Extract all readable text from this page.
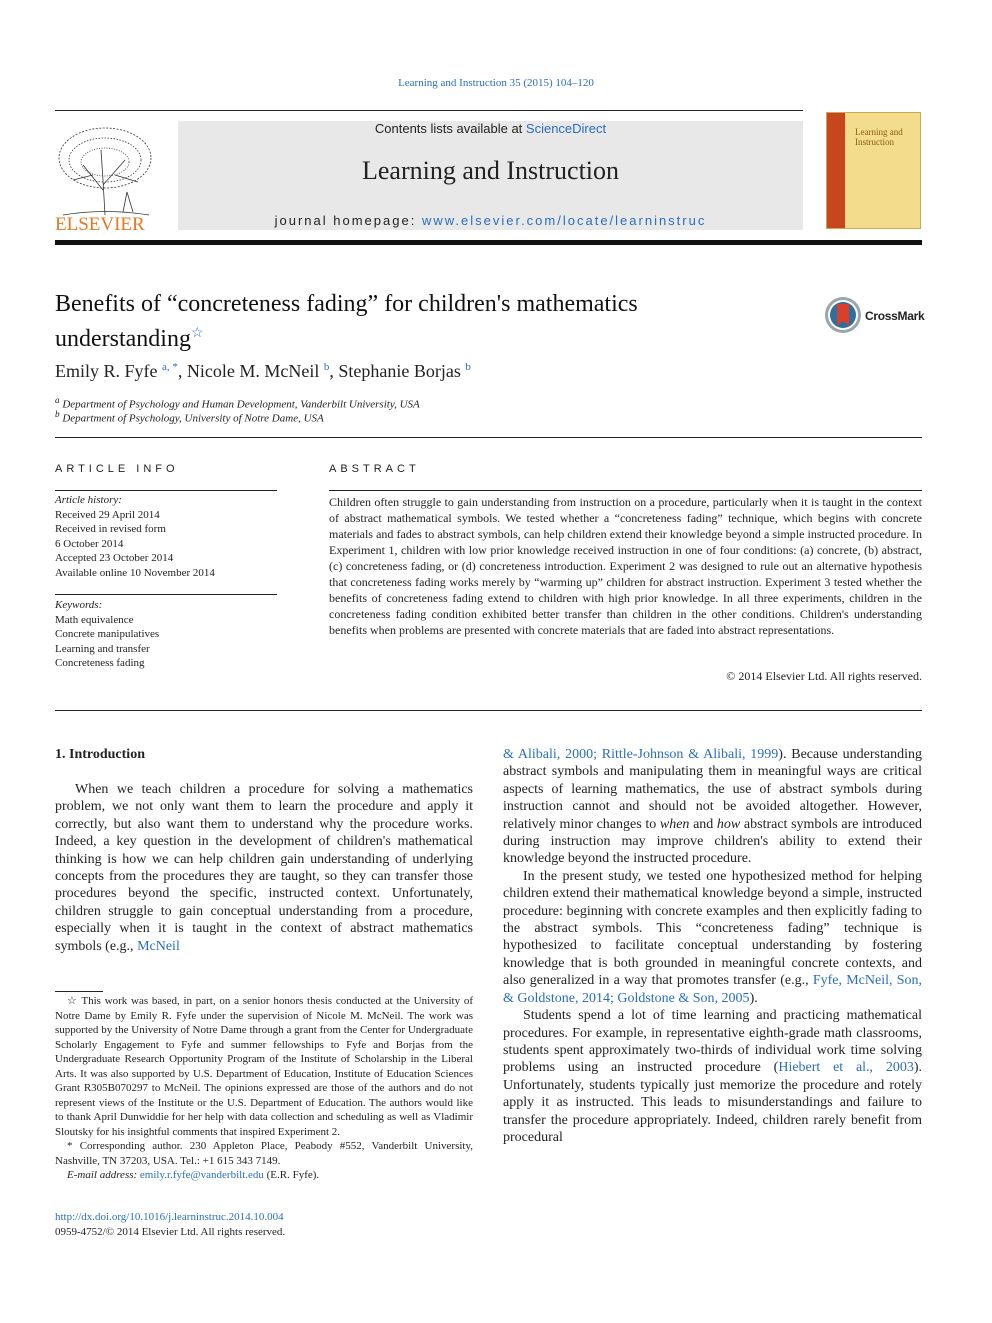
Learning and Instruction 35 (2015) 104–120
ELSEVIER
Contents lists available at ScienceDirect
Learning and Instruction
journal homepage: www.elsevier.com/locate/learninstruc
Learning and Instruction
Benefits of “concreteness fading” for children's mathematics understanding☆
CrossMark
Emily R. Fyfe $^{a, *}$, Nicole M. McNeil $^b$, Stephanie Borjas $^b$
$^a$ Department of Psychology and Human Development, Vanderbilt University, USA
$^b$ Department of Psychology, University of Notre Dame, USA
ARTICLE INFO
Article history:
Received 29 April 2014
Received in revised form
6 October 2014
Accepted 23 October 2014
Available online 10 November 2014
Keywords:
Math equivalence
Concrete manipulatives
Learning and transfer
Concreteness fading
ABSTRACT
Children often struggle to gain understanding from instruction on a procedure, particularly when it is taught in the context of abstract mathematical symbols. We tested whether a “concreteness fading” technique, which begins with concrete materials and fades to abstract symbols, can help children extend their knowledge beyond a simple instructed procedure. In Experiment 1, children with low prior knowledge received instruction in one of four conditions: (a) concrete, (b) abstract, (c) concreteness fading, or (d) concreteness introduction. Experiment 2 was designed to rule out an alternative hypothesis that concreteness fading works merely by “warming up” children for abstract instruction. Experiment 3 tested whether the benefits of concreteness fading extend to children with high prior knowledge. In all three experiments, children in the concreteness fading condition exhibited better transfer than children in the other conditions. Children's understanding benefits when problems are presented with concrete materials that are faded into abstract representations.
© 2014 Elsevier Ltd. All rights reserved.
1. Introduction

When we teach children a procedure for solving a mathematics problem, we not only want them to learn the procedure and apply it correctly, but also want them to understand why the procedure works. Indeed, a key question in the development of children's mathematical thinking is how we can help children gain understanding of underlying concepts from the procedures they are taught, so they can transfer those procedures beyond the specific, instructed context. Unfortunately, children struggle to gain conceptual understanding from a procedure, especially when it is taught in the context of abstract mathematics symbols (e.g., McNeil

& Alibali, 2000; Rittle-Johnson & Alibali, 1999). Because understanding abstract symbols and manipulating them in meaningful ways are critical aspects of learning mathematics, the use of abstract symbols during instruction cannot and should not be avoided altogether. However, relatively minor changes to when and how abstract symbols are introduced during instruction may improve children's ability to extend their knowledge beyond the instructed procedure.

In the present study, we tested one hypothesized method for helping children extend their mathematical knowledge beyond a simple, instructed procedure: beginning with concrete examples and then explicitly fading to the abstract symbols. This “concreteness fading” technique is hypothesized to facilitate conceptual understanding by fostering knowledge that is both grounded in meaningful concrete contexts, and also generalized in a way that promotes transfer (e.g., Fyfe, McNeil, Son, & Goldstone, 2014; Goldstone & Son, 2005).

Students spend a lot of time learning and practicing mathematical procedures. For example, in representative eighth-grade math classrooms, students spent approximately two-thirds of individual work time solving problems using an instructed procedure (Hiebert et al., 2003). Unfortunately, students typically just memorize the procedure and rotely apply it as instructed. This leads to misunderstandings and failure to transfer the procedure appropriately. Indeed, children rarely benefit from procedural

☆ This work was based, in part, on a senior honors thesis conducted at the University of Notre Dame by Emily R. Fyfe under the supervision of Nicole M. McNeil. The work was supported by the University of Notre Dame through a grant from the Center for Undergraduate Scholarly Engagement to Fyfe and summer fellowships to Fyfe and Borjas from the Undergraduate Research Opportunity Program of the Institute of Scholarship in the Liberal Arts. It was also supported by U.S. Department of Education, Institute of Education Sciences Grant R305B070297 to McNeil. The opinions expressed are those of the authors and do not represent views of the Institute or the U.S. Department of Education. The authors would like to thank April Dunwiddie for her help with data collection and scheduling as well as Vladimir Sloutsky for his insightful comments that inspired Experiment 2.

* Corresponding author. 230 Appleton Place, Peabody #552, Vanderbilt University, Nashville, TN 37203, USA. Tel.: +1 615 343 7149.

E-mail address: emily.r.fyfe@vanderbilt.edu (E.R. Fyfe).

http://dx.doi.org/10.1016/j.learninstruc.2014.10.004
0959-4752/© 2014 Elsevier Ltd. All rights reserved.
